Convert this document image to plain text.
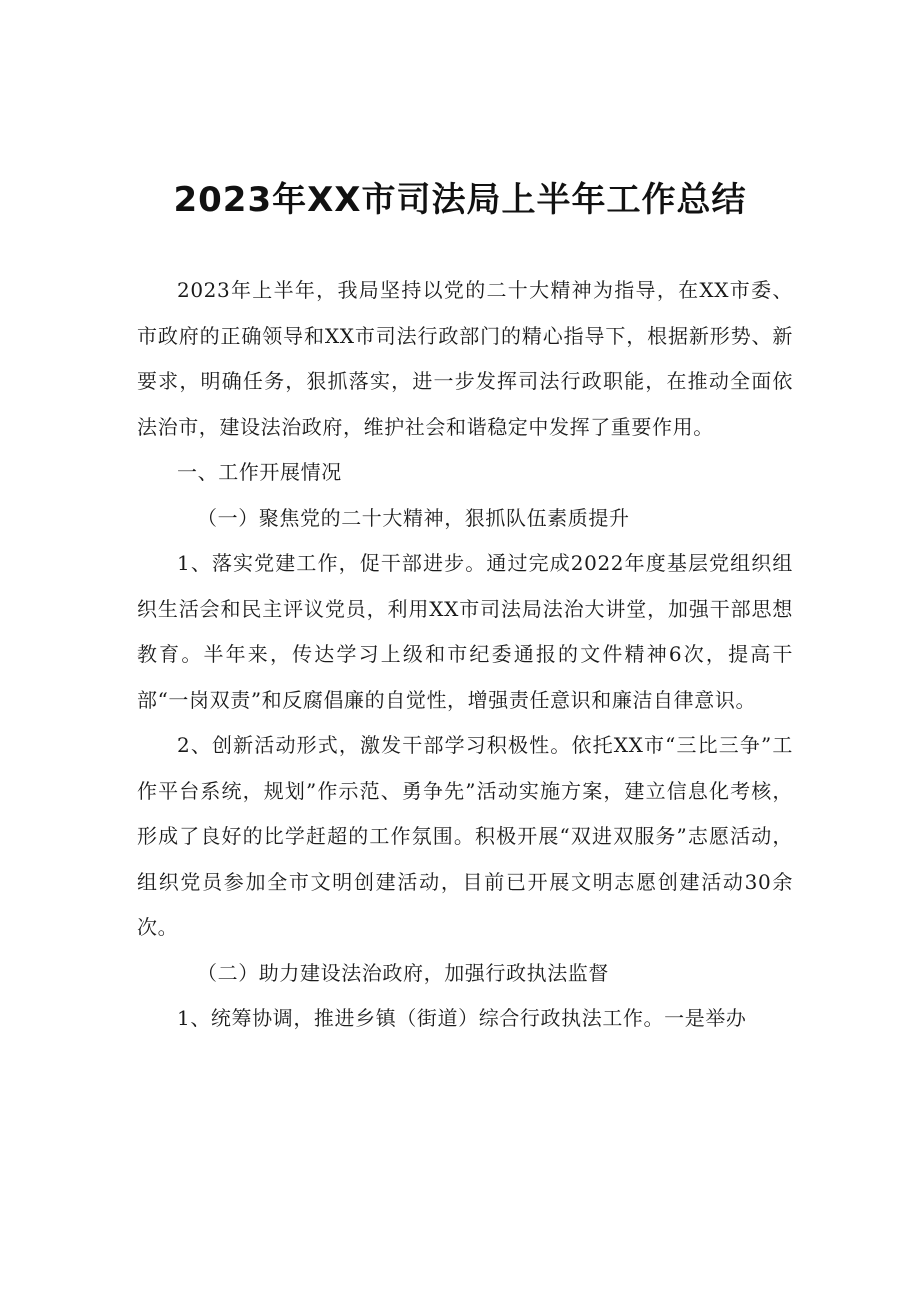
2023年XX市司法局上半年工作总结

2023年上半年，我局坚持以党的二十大精神为指导，在XX市委、市政府的正确领导和XX市司法行政部门的精心指导下，根据新形势、新要求，明确任务，狠抓落实，进一步发挥司法行政职能，在推动全面依法治市，建设法治政府，维护社会和谐稳定中发挥了重要作用。

一、工作开展情况

（一）聚焦党的二十大精神，狠抓队伍素质提升

1、落实党建工作，促干部进步。通过完成2022年度基层党组织组织生活会和民主评议党员，利用XX市司法局法治大讲堂，加强干部思想教育。半年来，传达学习上级和市纪委通报的文件精神6次，提高干部“一岗双责”和反腐倡廉的自觉性，增强责任意识和廉洁自律意识。

2、创新活动形式，激发干部学习积极性。依托XX市“三比三争”工作平台系统，规划”作示范、勇争先”活动实施方案，建立信息化考核，形成了良好的比学赶超的工作氛围。积极开展“双进双服务”志愿活动，组织党员参加全市文明创建活动，目前已开展文明志愿创建活动30余次。

（二）助力建设法治政府，加强行政执法监督

1、统筹协调，推进乡镇（街道）综合行政执法工作。一是举办
